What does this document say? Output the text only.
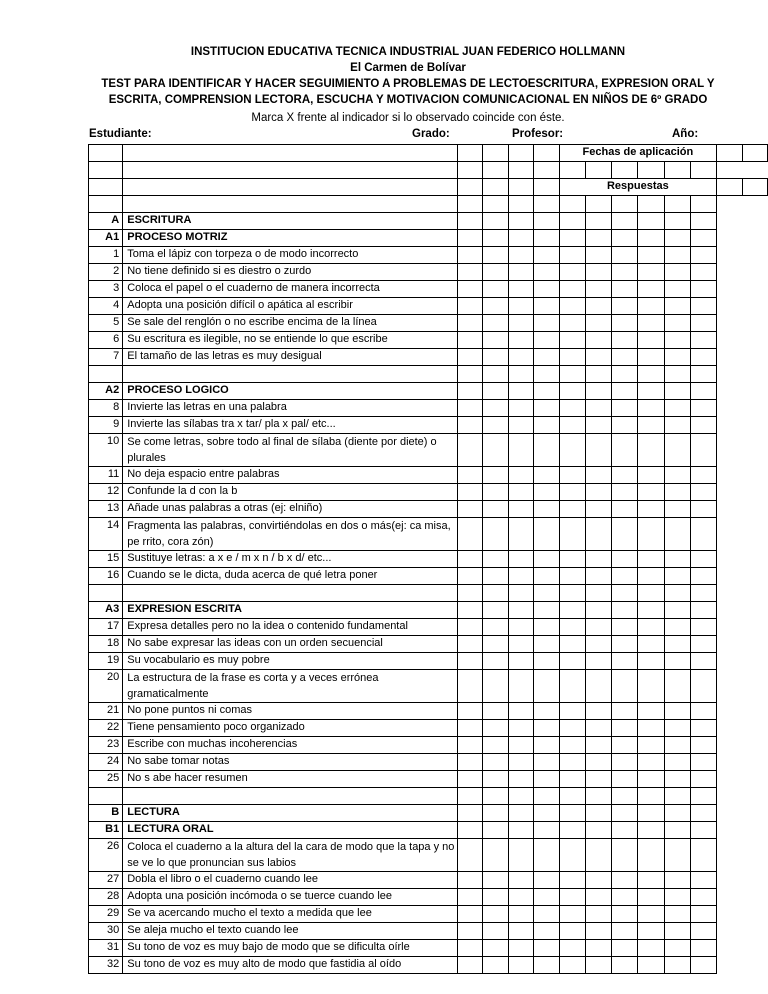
INSTITUCION EDUCATIVA TECNICA INDUSTRIAL JUAN FEDERICO HOLLMANN
El Carmen de Bolívar
TEST PARA IDENTIFICAR Y HACER SEGUIMIENTO A PROBLEMAS DE LECTOESCRITURA, EXPRESION ORAL Y
ESCRITA, COMPRENSION LECTORA, ESCUCHA Y MOTIVACION COMUNICACIONAL EN NIÑOS DE 6º GRADO
Marca X frente al indicador si lo observado coincide con éste.
Estudiante:	Grado:	Profesor:	Año:
						Fechas de aplicación							

						Respuestas							

A	ESCRITURA												
A1	PROCESO MOTRIZ												
1	Toma el lápiz con torpeza o de modo incorrecto												
2	No tiene definido si es diestro o zurdo												
3	Coloca el papel o el cuaderno de manera incorrecta												
4	Adopta una posición difícil o apática al escribir												
5	Se sale del renglón o no escribe encima de la línea												
6	Su escritura es ilegible, no se entiende lo que escribe												
7	El tamaño de las letras es muy desigual												

A2	PROCESO LOGICO												
8	Invierte las letras en una palabra												
9	Invierte las sílabas tra x tar/ pla x pal/ etc...												
10	Se come letras, sobre todo al final de sílaba (diente por diete) o plurales												
11	No deja espacio entre palabras												
12	Confunde la d con la b												
13	Añade unas palabras a otras (ej: elniño)												
14	Fragmenta las palabras, convirtiéndolas en dos o más(ej: ca misa, pe rrito, cora zón)												
15	Sustituye letras: a x e / m x n / b x d/ etc...												
16	Cuando se le dicta, duda acerca de qué letra poner												

A3	EXPRESION ESCRITA												
17	Expresa detalles pero no la idea o contenido fundamental												
18	No sabe expresar las ideas con un orden secuencial												
19	Su vocabulario es muy pobre												
20	La estructura de la frase es corta y a veces errónea gramaticalmente												
21	No pone puntos ni comas												
22	Tiene pensamiento poco organizado												
23	Escribe con muchas incoherencias												
24	No sabe tomar notas												
25	No s abe hacer resumen												

B	LECTURA												
B1	LECTURA ORAL												
26	Coloca el cuaderno a la altura del la cara de modo que la tapa y no se ve lo que pronuncian sus labios												
27	Dobla el libro o el cuaderno cuando lee												
28	Adopta una posición incómoda o se tuerce cuando lee												
29	Se va acercando mucho el texto a medida que lee												
30	Se aleja mucho el texto cuando lee												
31	Su tono de voz es muy bajo de modo que se dificulta oírle												
32	Su tono de voz es muy alto de modo que fastidia al oído												
